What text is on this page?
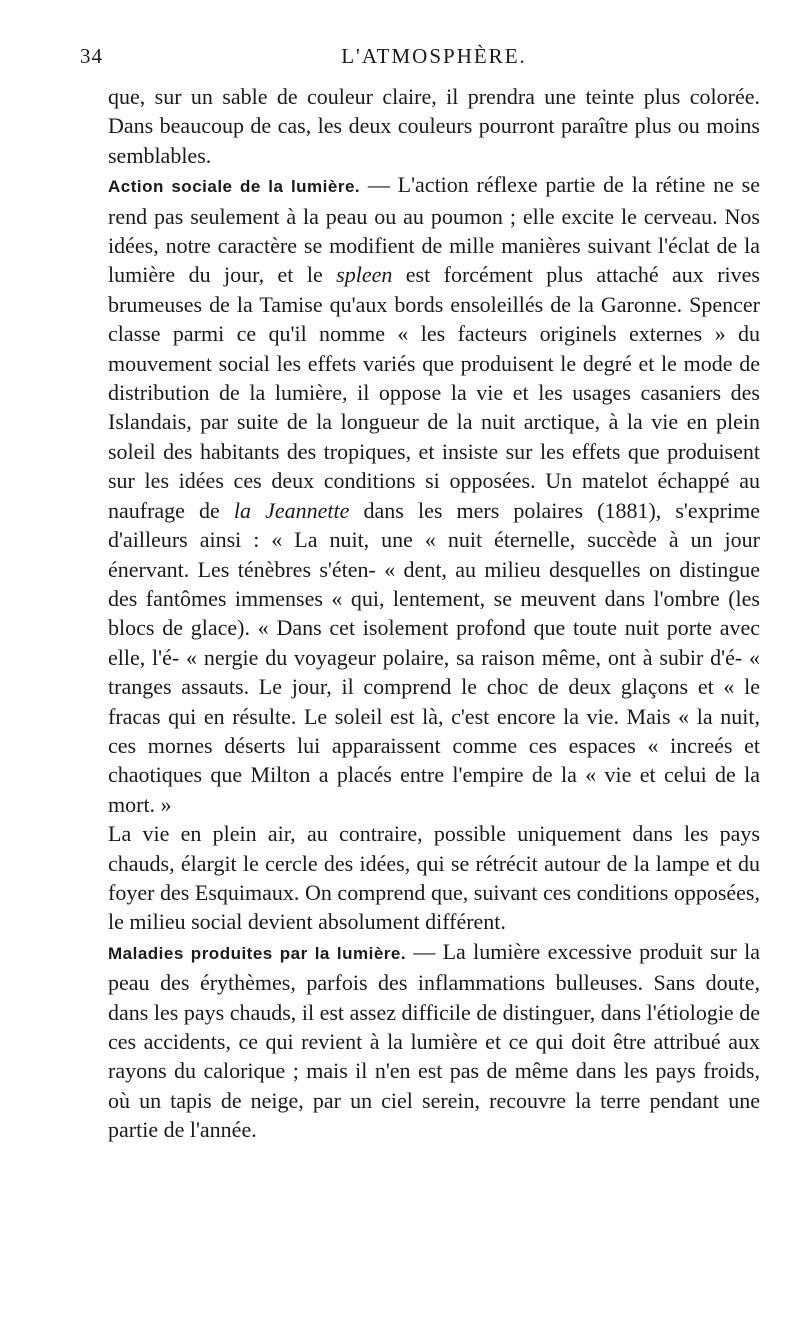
34	L'ATMOSPHÈRE.

que, sur un sable de couleur claire, il prendra une teinte plus colorée. Dans beaucoup de cas, les deux couleurs pourront paraître plus ou moins semblables.

Action sociale de la lumière. — L'action réflexe partie de la rétine ne se rend pas seulement à la peau ou au poumon ; elle excite le cerveau. Nos idées, notre caractère se modifient de mille manières suivant l'éclat de la lumière du jour, et le spleen est forcément plus attaché aux rives brumeuses de la Tamise qu'aux bords ensoleillés de la Garonne. Spencer classe parmi ce qu'il nomme « les facteurs originels externes » du mouvement social les effets variés que produisent le degré et le mode de distribution de la lumière, il oppose la vie et les usages casaniers des Islandais, par suite de la longueur de la nuit arctique, à la vie en plein soleil des habitants des tropiques, et insiste sur les effets que produisent sur les idées ces deux conditions si opposées. Un matelot échappé au naufrage de la Jeannette dans les mers polaires (1881), s'exprime d'ailleurs ainsi : « La nuit, une « nuit éternelle, succède à un jour énervant. Les ténèbres s'éten- « dent, au milieu desquelles on distingue des fantômes immenses « qui, lentement, se meuvent dans l'ombre (les blocs de glace). « Dans cet isolement profond que toute nuit porte avec elle, l'é- « nergie du voyageur polaire, sa raison même, ont à subir d'é- « tranges assauts. Le jour, il comprend le choc de deux glaçons et « le fracas qui en résulte. Le soleil est là, c'est encore la vie. Mais « la nuit, ces mornes déserts lui apparaissent comme ces espaces « increés et chaotiques que Milton a placés entre l'empire de la « vie et celui de la mort. »

La vie en plein air, au contraire, possible uniquement dans les pays chauds, élargit le cercle des idées, qui se rétrécit autour de la lampe et du foyer des Esquimaux. On comprend que, suivant ces conditions opposées, le milieu social devient absolument différent.

Maladies produites par la lumière. — La lumière excessive produit sur la peau des érythèmes, parfois des inflammations bulleuses. Sans doute, dans les pays chauds, il est assez difficile de distinguer, dans l'étiologie de ces accidents, ce qui revient à la lumière et ce qui doit être attribué aux rayons du calorique ; mais il n'en est pas de même dans les pays froids, où un tapis de neige, par un ciel serein, recouvre la terre pendant une partie de l'année.
